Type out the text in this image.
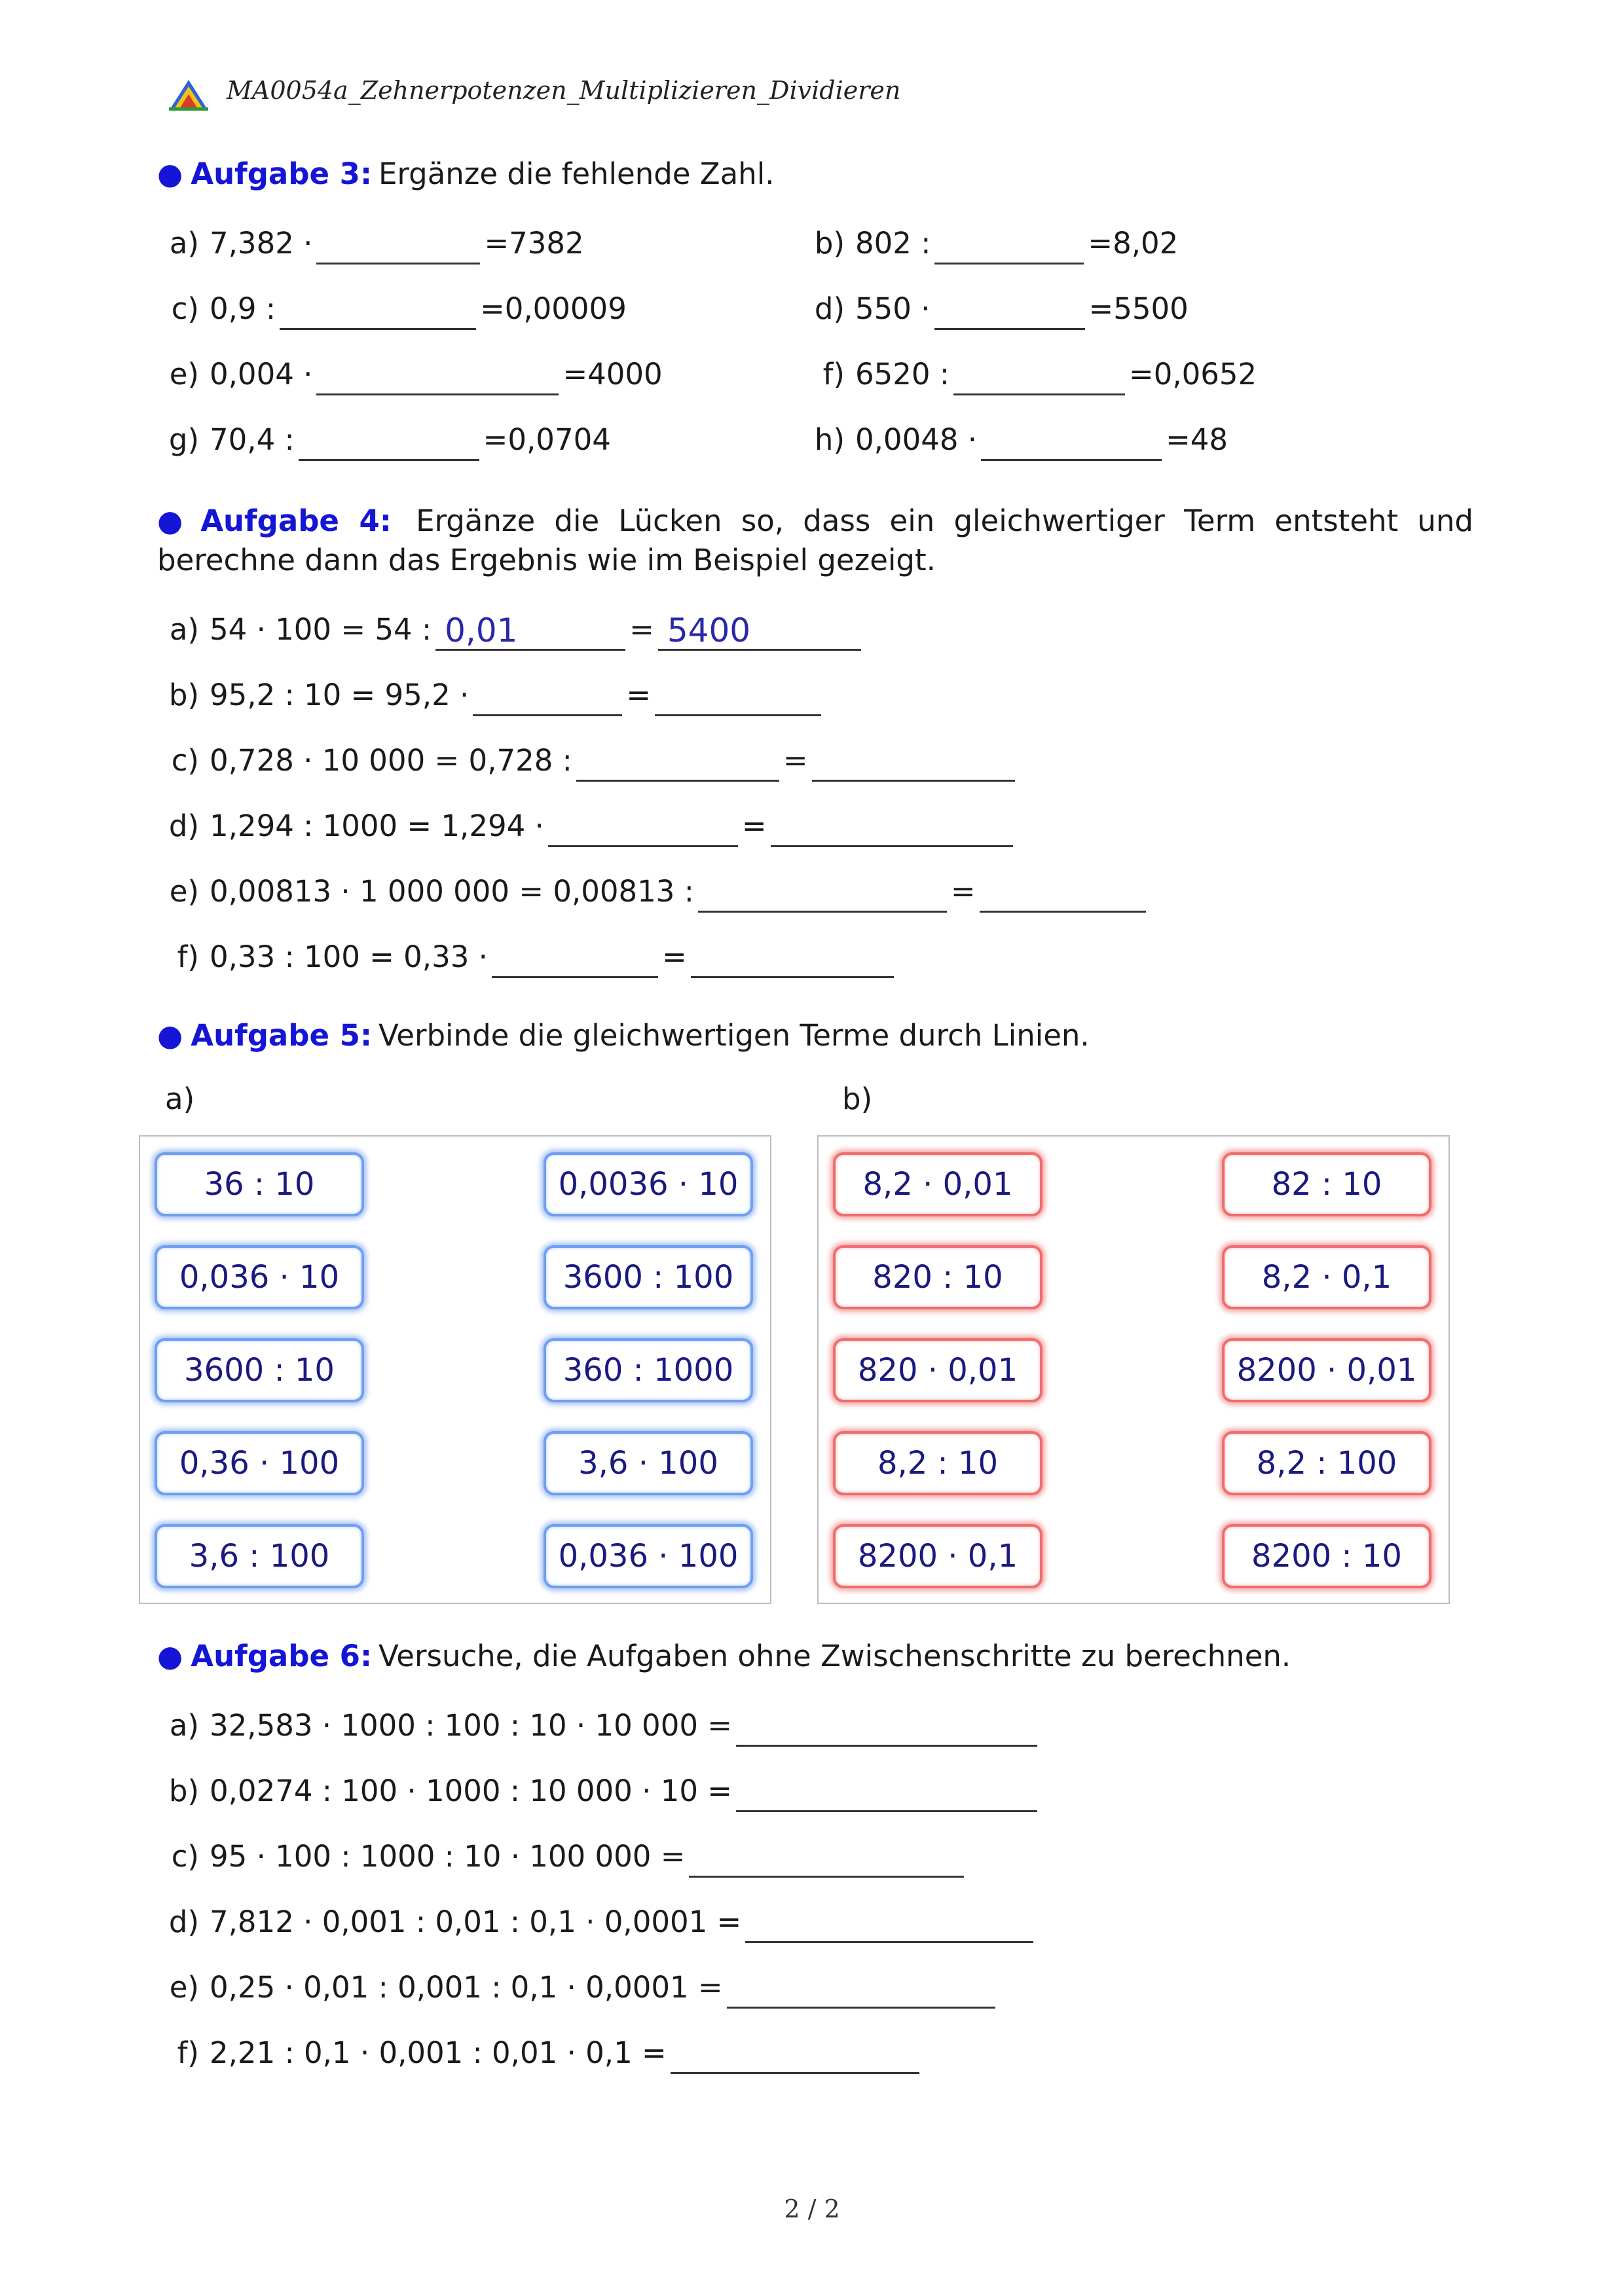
MA0054a_Zehnerpotenzen_Multiplizieren_Dividieren
● Aufgabe 3: Ergänze die fehlende Zahl.
a) 7,382 ·	=7382	b) 802 :	=8,02
c) 0,9 :	=0,00009	d) 550 ·	=5500
e) 0,004 ·	=4000	f) 6520 :	=0,0652
g) 70,4 :	=0,0704	h) 0,0048 ·	=48
● Aufgabe 4: Ergänze die Lücken so, dass ein gleichwertiger Term entsteht und berechne dann das Ergebnis wie im Beispiel gezeigt.
a) 54 · 100 = 54 : 0,01	= 5400
b) 95,2 : 10 = 95,2 ·	=
c) 0,728 · 10 000 = 0,728 :	=
d) 1,294 : 1000 = 1,294 ·	=
e) 0,00813 · 1 000 000 = 0,00813 :	=
f) 0,33 : 100 = 0,33 ·	=
● Aufgabe 5: Verbinde die gleichwertigen Terme durch Linien.
a)	b)
36 : 10
0,036 · 10
3600 : 10
0,36 · 100
3,6 : 100
0,0036 · 10
3600 : 100
360 : 1000
3,6 · 100
0,036 · 100
8,2 · 0,01
820 : 10
820 · 0,01
8,2 : 10
8200 · 0,1
82 : 10
8,2 · 0,1
8200 · 0,01
8,2 : 100
8200 : 10
● Aufgabe 6: Versuche, die Aufgaben ohne Zwischenschritte zu berechnen.
a) 32,583 · 1000 : 100 : 10 · 10 000 =
b) 0,0274 : 100 · 1000 : 10 000 · 10 =
c) 95 · 100 : 1000 : 10 · 100 000 =
d) 7,812 · 0,001 : 0,01 : 0,1 · 0,0001 =
e) 0,25 · 0,01 : 0,001 : 0,1 · 0,0001 =
f) 2,21 : 0,1 · 0,001 : 0,01 · 0,1 =
2 / 2
